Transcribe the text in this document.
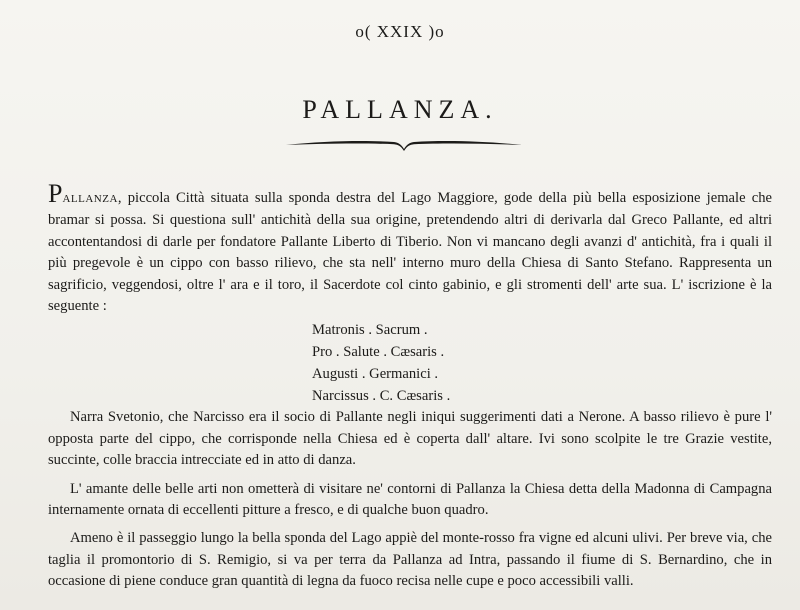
o( XXIX )o
PALLANZA.

PALLANZA, piccola Città situata sulla sponda destra del Lago Maggiore, gode della più bella esposizione jemale che bramar si possa. Si questiona sull' antichità della sua origine, pretendendo altri di derivarla dal Greco Pallante, ed altri accontentandosi di darle per fondatore Pallante Liberto di Tiberio. Non vi mancano degli avanzi d' antichità, fra i quali il più pregevole è un cippo con basso rilievo, che sta nell' interno muro della Chiesa di Santo Stefano. Rappresenta un sagrificio, veggendosi, oltre l' ara e il toro, il Sacerdote col cinto gabinio, e gli stromenti dell' arte sua. L' iscrizione è la seguente :

Matronis . Sacrum .
Pro . Salute . Cæsaris .
Augusti . Germanici .
Narcissus . C. Cæsaris .

Narra Svetonio, che Narcisso era il socio di Pallante negli iniqui suggerimenti dati a Nerone. A basso rilievo è pure l' opposta parte del cippo, che corrisponde nella Chiesa ed è coperta dall' altare. Ivi sono scolpite le tre Grazie vestite, succinte, colle braccia intrecciate ed in atto di danza.

L' amante delle belle arti non ometterà di visitare ne' contorni di Pallanza la Chiesa detta della Madonna di Campagna internamente ornata di eccellenti pitture a fresco, e di qualche buon quadro.

Ameno è il passeggio lungo la bella sponda del Lago appiè del monte-rosso fra vigne ed alcuni ulivi. Per breve via, che taglia il promontorio di S. Remigio, si va per terra da Pallanza ad Intra, passando il fiume di S. Bernardino, che in occasione di piene conduce gran quantità di legna da fuoco recisa nelle cupe e poco accessibili valli.
